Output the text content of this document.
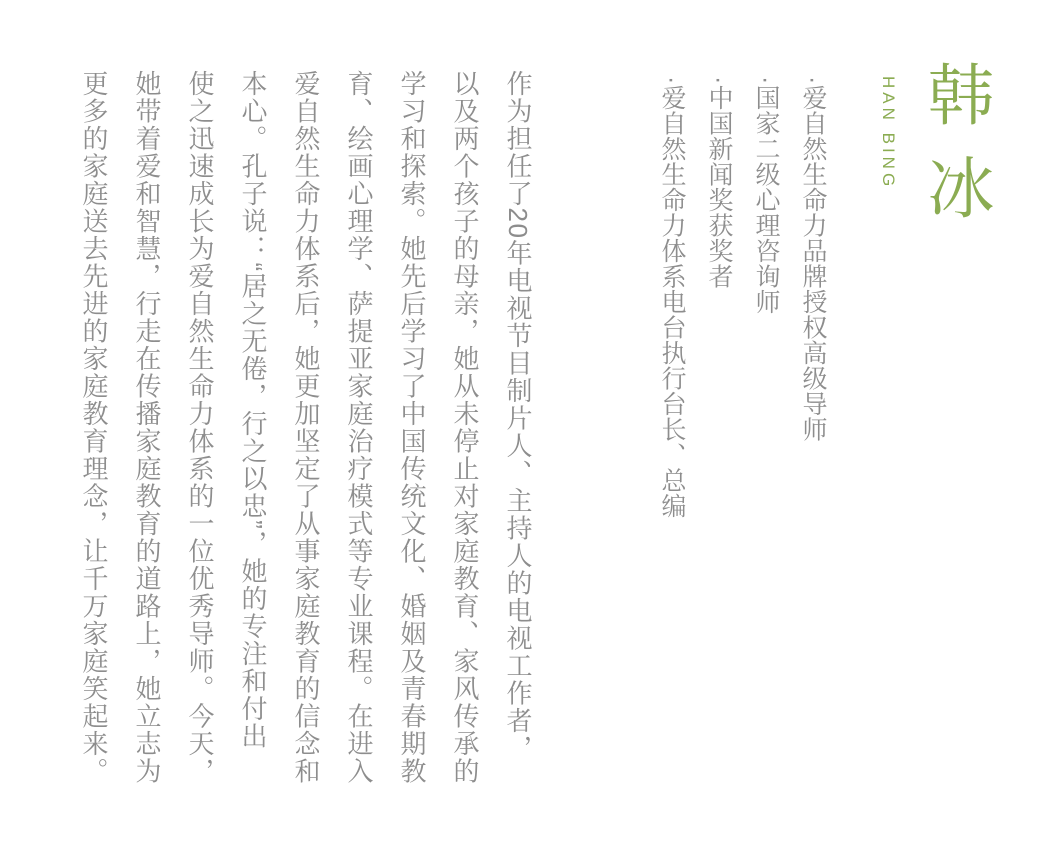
韩冰
HAN BING
·爱自然生命力品牌授权高级导师
·国家二级心理咨询师
·中国新闻奖获奖者
·爱自然生命力体系电台执行台长、总编
作为担任了20年电视节目制片人、主持人的电视工作者，
以及两个孩子的母亲，她从未停止对家庭教育、家风传承的
学习和探索。她先后学习了中国传统文化、婚姻及青春期教
育、绘画心理学、萨提亚家庭治疗模式等专业课程。在进入
爱自然生命力体系后，她更加坚定了从事家庭教育的信念和
本心。孔子说：“居之无倦，行之以忠”，她的专注和付出
使之迅速成长为爱自然生命力体系的一位优秀导师。今天，
她带着爱和智慧，行走在传播家庭教育的道路上，她立志为
更多的家庭送去先进的家庭教育理念，让千万家庭笑起来。
